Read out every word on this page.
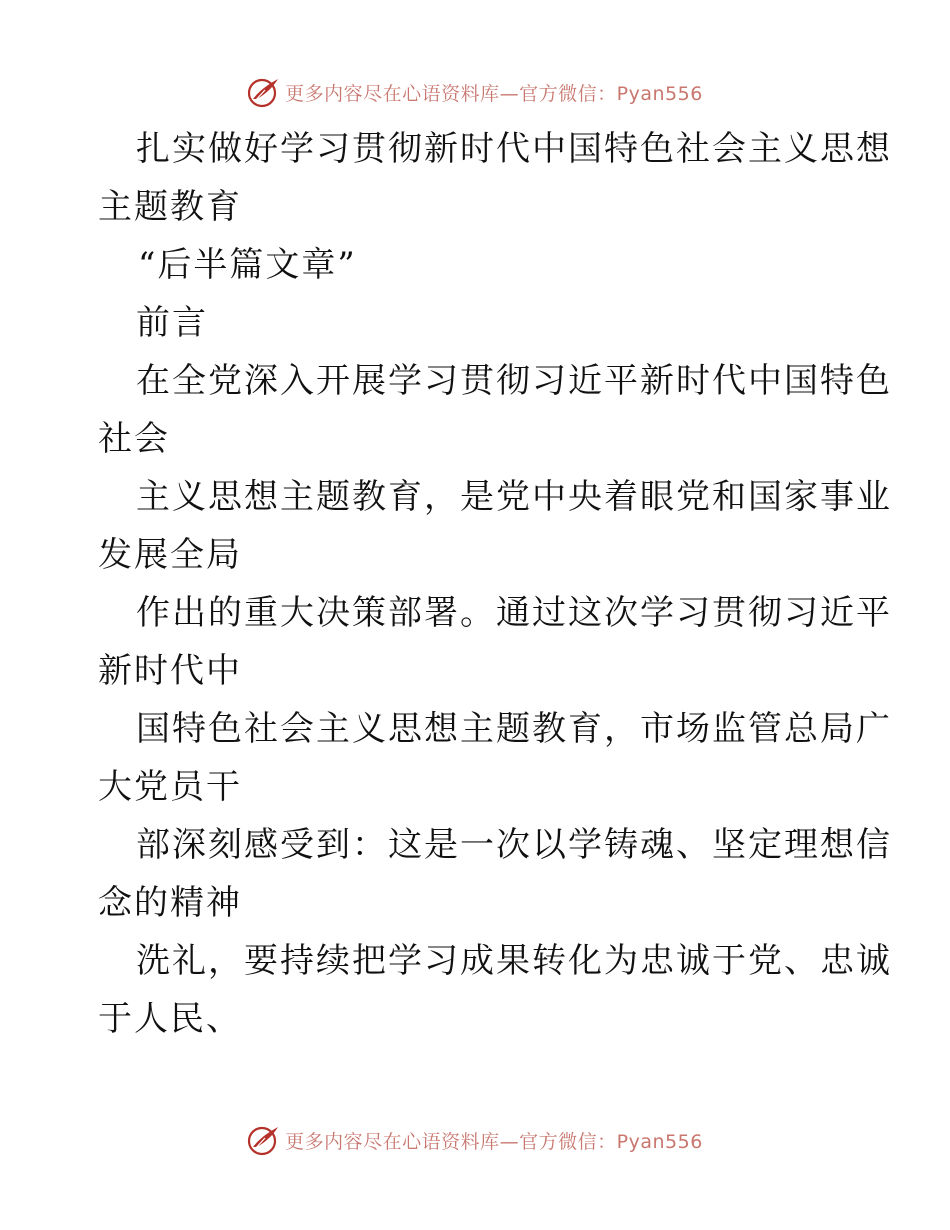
更多内容尽在心语资料库—官方微信：Pyan556
扎实做好学习贯彻新时代中国特色社会主义思想
主题教育
“后半篇文章”
前言
在全党深入开展学习贯彻习近平新时代中国特色
社会
主义思想主题教育，是党中央着眼党和国家事业
发展全局
作出的重大决策部署。通过这次学习贯彻习近平
新时代中
国特色社会主义思想主题教育，市场监管总局广
大党员干
部深刻感受到：这是一次以学铸魂、坚定理想信
念的精神
洗礼，要持续把学习成果转化为忠诚于党、忠诚
于人民、
更多内容尽在心语资料库—官方微信：Pyan556
